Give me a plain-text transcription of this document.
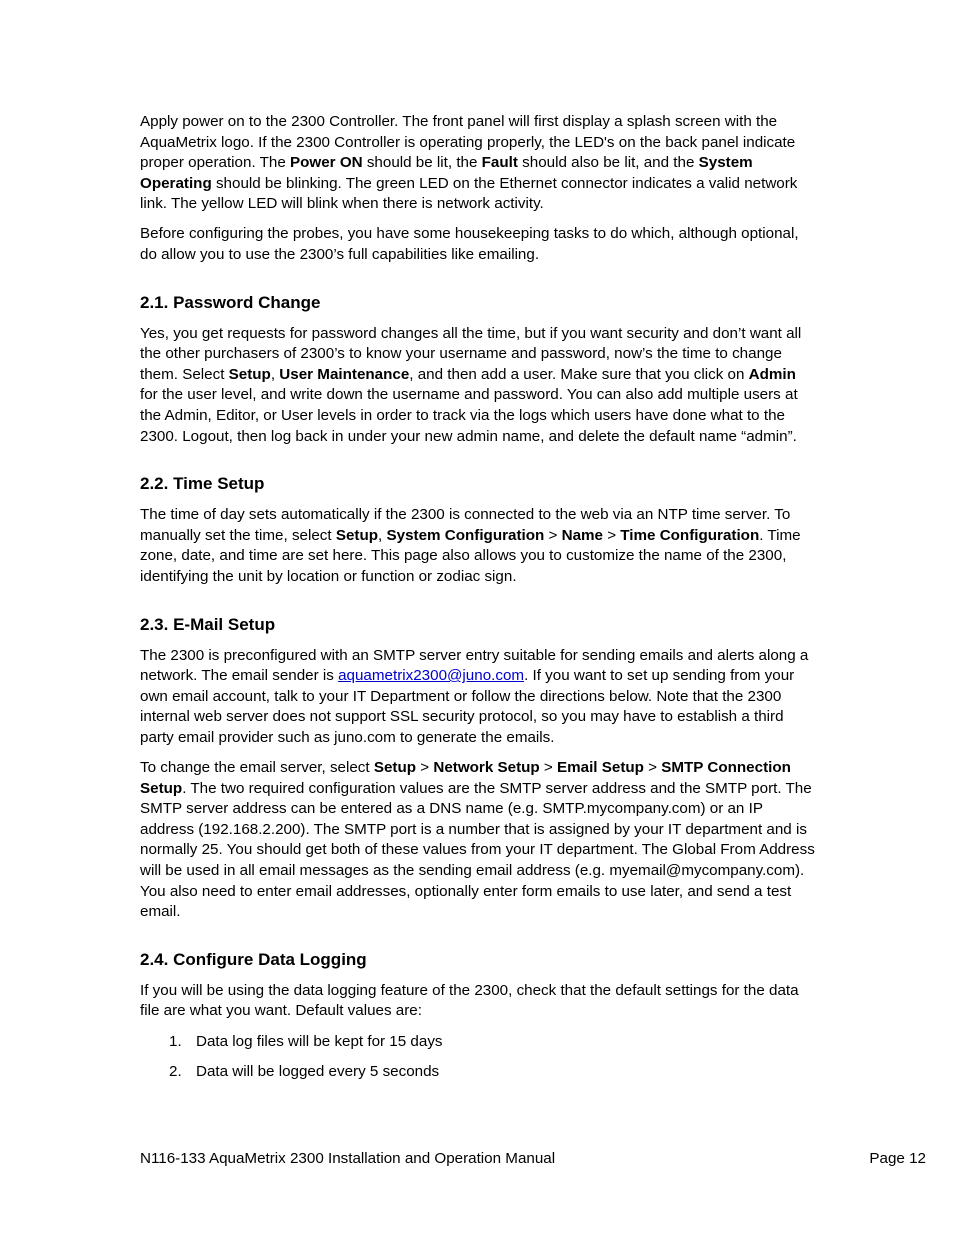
Apply power on to the 2300 Controller. The front panel will first display a splash screen with the AquaMetrix logo. If the 2300 Controller is operating properly, the LED's on the back panel indicate proper operation. The Power ON should be lit, the Fault should also be lit, and the System Operating should be blinking. The green LED on the Ethernet connector indicates a valid network link. The yellow LED will blink when there is network activity.

Before configuring the probes, you have some housekeeping tasks to do which, although optional, do allow you to use the 2300’s full capabilities like emailing.

2.1. Password Change

Yes, you get requests for password changes all the time, but if you want security and don’t want all the other purchasers of 2300’s to know your username and password, now’s the time to change them. Select Setup, User Maintenance, and then add a user. Make sure that you click on Admin for the user level, and write down the username and password. You can also add multiple users at the Admin, Editor, or User levels in order to track via the logs which users have done what to the 2300. Logout, then log back in under your new admin name, and delete the default name “admin”.

2.2. Time Setup

The time of day sets automatically if the 2300 is connected to the web via an NTP time server. To manually set the time, select Setup, System Configuration > Name > Time Configuration. Time zone, date, and time are set here. This page also allows you to customize the name of the 2300, identifying the unit by location or function or zodiac sign.

2.3. E-Mail Setup

The 2300 is preconfigured with an SMTP server entry suitable for sending emails and alerts along a network. The email sender is aquametrix2300@juno.com. If you want to set up sending from your own email account, talk to your IT Department or follow the directions below. Note that the 2300 internal web server does not support SSL security protocol, so you may have to establish a third party email provider such as juno.com to generate the emails.

To change the email server, select Setup > Network Setup > Email Setup > SMTP Connection Setup. The two required configuration values are the SMTP server address and the SMTP port. The SMTP server address can be entered as a DNS name (e.g. SMTP.mycompany.com) or an IP address (192.168.2.200). The SMTP port is a number that is assigned by your IT department and is normally 25. You should get both of these values from your IT department. The Global From Address will be used in all email messages as the sending email address (e.g. myemail@mycompany.com). You also need to enter email addresses, optionally enter form emails to use later, and send a test email.

2.4. Configure Data Logging

If you will be using the data logging feature of the 2300, check that the default settings for the data file are what you want. Default values are:

1. Data log files will be kept for 15 days
2. Data will be logged every 5 seconds
N116-133 AquaMetrix 2300 Installation and Operation Manual	Page 12
